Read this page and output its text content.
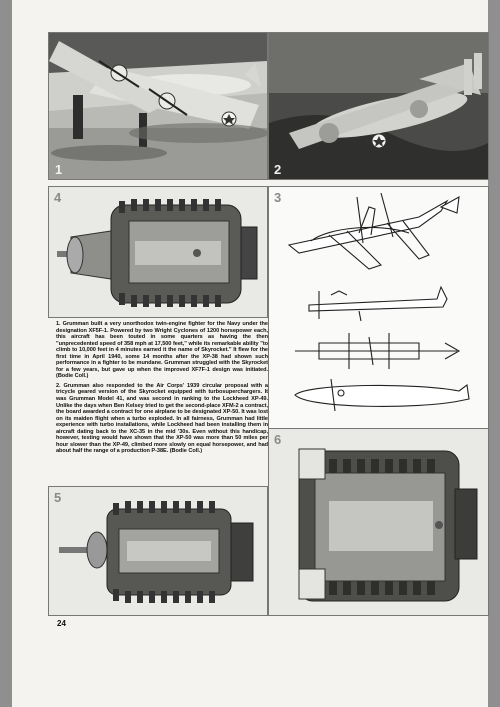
1	2
4	3

1. Grumman built a very unorthodox twin-engine fighter for the Navy under the designation XF5F-1. Powered by two Wright Cyclones of 1200 horsepower each, this aircraft has been touted in some quarters as having the then "unprecedented speed of 358 mph at 17,500 feet," while its remarkable ability "to climb to 10,000 feet in 4 minutes earned it the name of Skyrocket." It flew for the first time in April 1940, some 14 months after the XP-38 had shown such performance in a fighter to be mundane. Grumman struggled with the Skyrocket for a few years, but gave up when the improved XF7F-1 design was initiated. (Bodie Coll.)

2. Grumman also responded to the Air Corps' 1939 circular proposal with a tricycle geared version of the Skyrocket equipped with turbosuperchargers. It was Grumman Model 41, and was second in ranking to the Lockheed XP-49. Unlike the days when Ben Kelsey tried to get the second-place XFM-2 a contract, the board awarded a contract for one airplane to be designated XP-50. It was lost on its maiden flight when a turbo exploded. In all fairness, Grumman had little experience with turbo installations, while Lockheed had been installing them in aircraft dating back to the XC-35 in the mid '30s. Even without this handicap, however, testing would have shown that the XP-50 was more than 50 miles per hour slower than the XP-49, climbed more slowly on equal horsepower, and had about half the range of a production P-38E. (Bodie Coll.)

5
6
24
